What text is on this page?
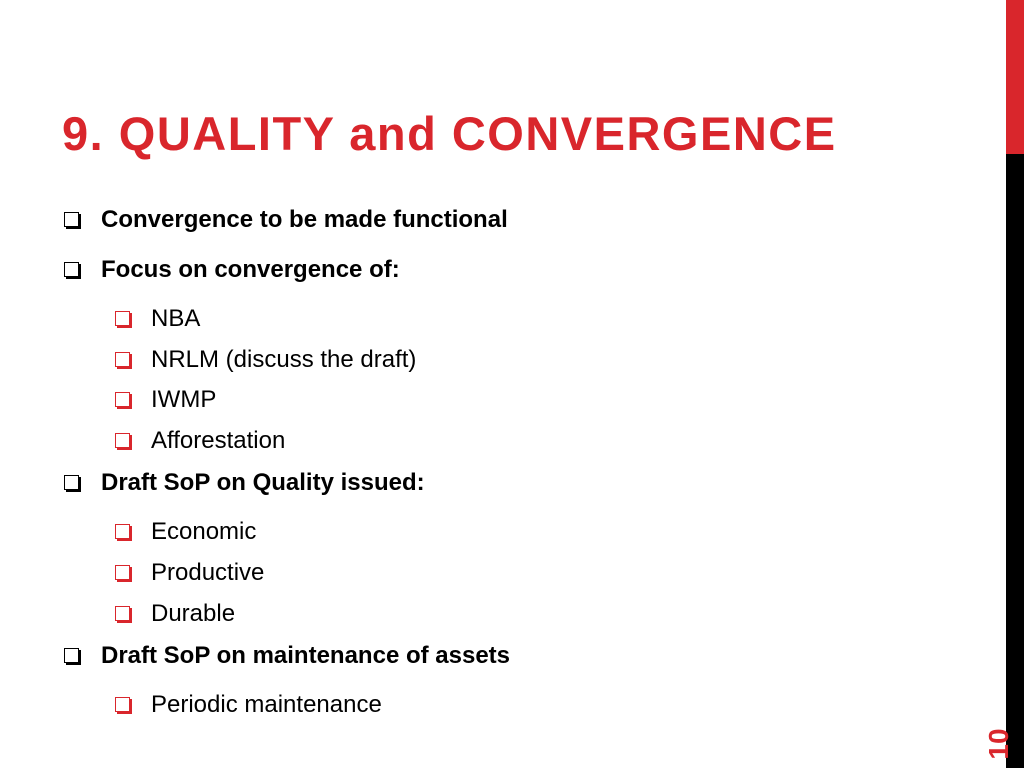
9. QUALITY and CONVERGENCE
Convergence to be made functional
Focus on convergence of:
NBA
NRLM (discuss the draft)
IWMP
Afforestation
Draft SoP on Quality issued:
Economic
Productive
Durable
Draft SoP on maintenance of assets
Periodic maintenance
10
